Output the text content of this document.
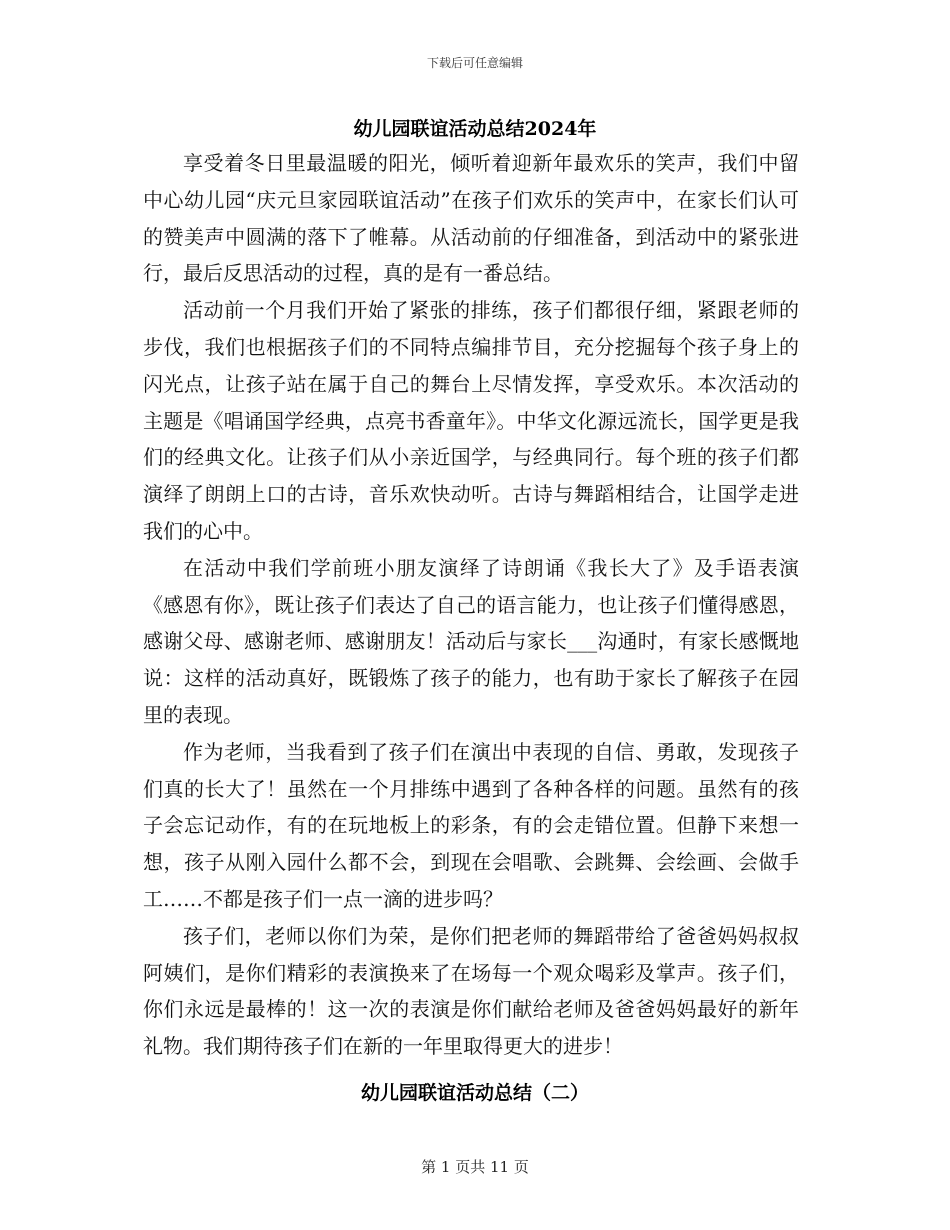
下载后可任意编辑
幼儿园联谊活动总结2024年

享受着冬日里最温暖的阳光，倾听着迎新年最欢乐的笑声，我们中留中心幼儿园“庆元旦家园联谊活动”在孩子们欢乐的笑声中，在家长们认可的赞美声中圆满的落下了帷幕。从活动前的仔细准备，到活动中的紧张进行，最后反思活动的过程，真的是有一番总结。

活动前一个月我们开始了紧张的排练，孩子们都很仔细，紧跟老师的步伐，我们也根据孩子们的不同特点编排节目，充分挖掘每个孩子身上的闪光点，让孩子站在属于自己的舞台上尽情发挥，享受欢乐。本次活动的主题是《唱诵国学经典，点亮书香童年》。中华文化源远流长，国学更是我们的经典文化。让孩子们从小亲近国学，与经典同行。每个班的孩子们都演绎了朗朗上口的古诗，音乐欢快动听。古诗与舞蹈相结合，让国学走进我们的心中。

在活动中我们学前班小朋友演绎了诗朗诵《我长大了》及手语表演《感恩有你》，既让孩子们表达了自己的语言能力，也让孩子们懂得感恩，感谢父母、感谢老师、感谢朋友！活动后与家长___沟通时，有家长感慨地说：这样的活动真好，既锻炼了孩子的能力，也有助于家长了解孩子在园里的表现。

作为老师，当我看到了孩子们在演出中表现的自信、勇敢，发现孩子们真的长大了！虽然在一个月排练中遇到了各种各样的问题。虽然有的孩子会忘记动作，有的在玩地板上的彩条，有的会走错位置。但静下来想一想，孩子从刚入园什么都不会，到现在会唱歌、会跳舞、会绘画、会做手工……不都是孩子们一点一滴的进步吗？

孩子们，老师以你们为荣，是你们把老师的舞蹈带给了爸爸妈妈叔叔阿姨们，是你们精彩的表演换来了在场每一个观众喝彩及掌声。孩子们，你们永远是最棒的！这一次的表演是你们献给老师及爸爸妈妈最好的新年礼物。我们期待孩子们在新的一年里取得更大的进步！

幼儿园联谊活动总结（二）
第 1 页共 11 页
